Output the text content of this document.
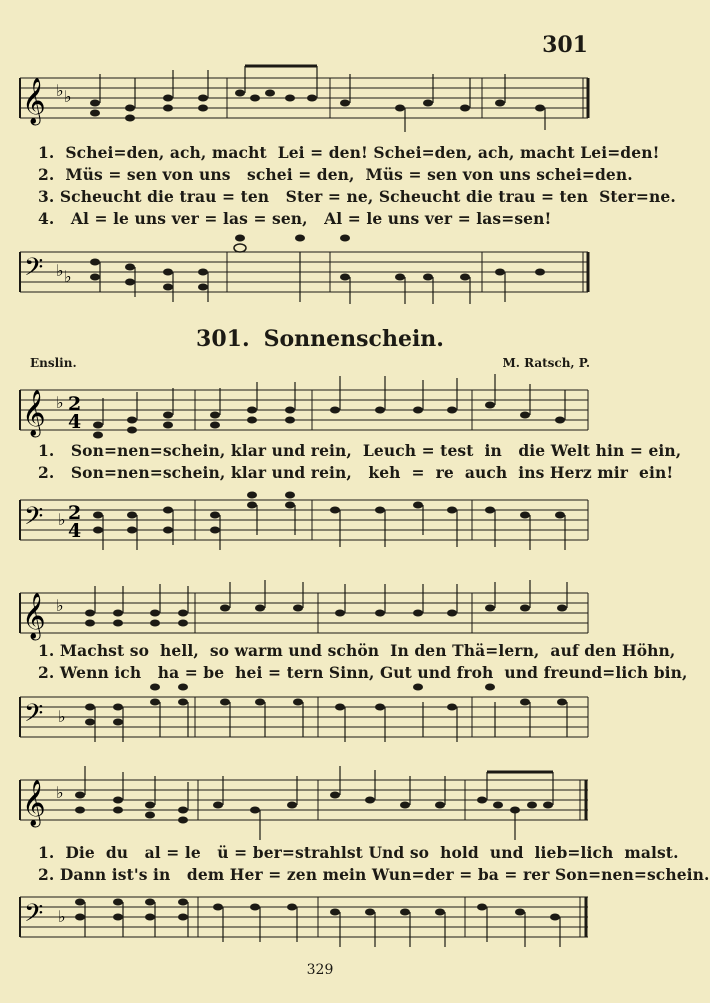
301
𝄞 ♭ ♭
1.  Schei=den, ach, macht  Lei = den! Schei=den, ach, macht Lei=den!
2.  Müs = sen von uns   schei = den,  Müs = sen von uns schei=den.
3. Scheucht die trau = ten   Ster = ne, Scheucht die trau = ten  Ster=ne.
4.   Al = le uns ver = las = sen,   Al = le uns ver = las=sen!
𝄢 ♭ ♭
301. Sonnenschein.
Enslin.	M. Ratsch, P.
𝄞 ♭ 2
4
1.   Son=nen=schein, klar und rein,  Leuch = test  in   die Welt hin = ein,
2.   Son=nen=schein, klar und rein,   keh  =  re  auch  ins Herz mir  ein!
𝄢 ♭ 2
4
𝄞 ♭
1. Machst so  hell,  so warm und schön  In den Thä=lern,  auf den Höhn,
2. Wenn ich   ha = be  hei = tern Sinn, Gut und froh  und freund=lich bin,
𝄢 ♭
𝄞 ♭
1.  Die  du   al = le   ü = ber=strahlst Und so  hold  und  lieb=lich  malst.
2. Dann ist's in   dem Her = zen mein Wun=der = ba = rer Son=nen=schein.
𝄢 ♭
329
